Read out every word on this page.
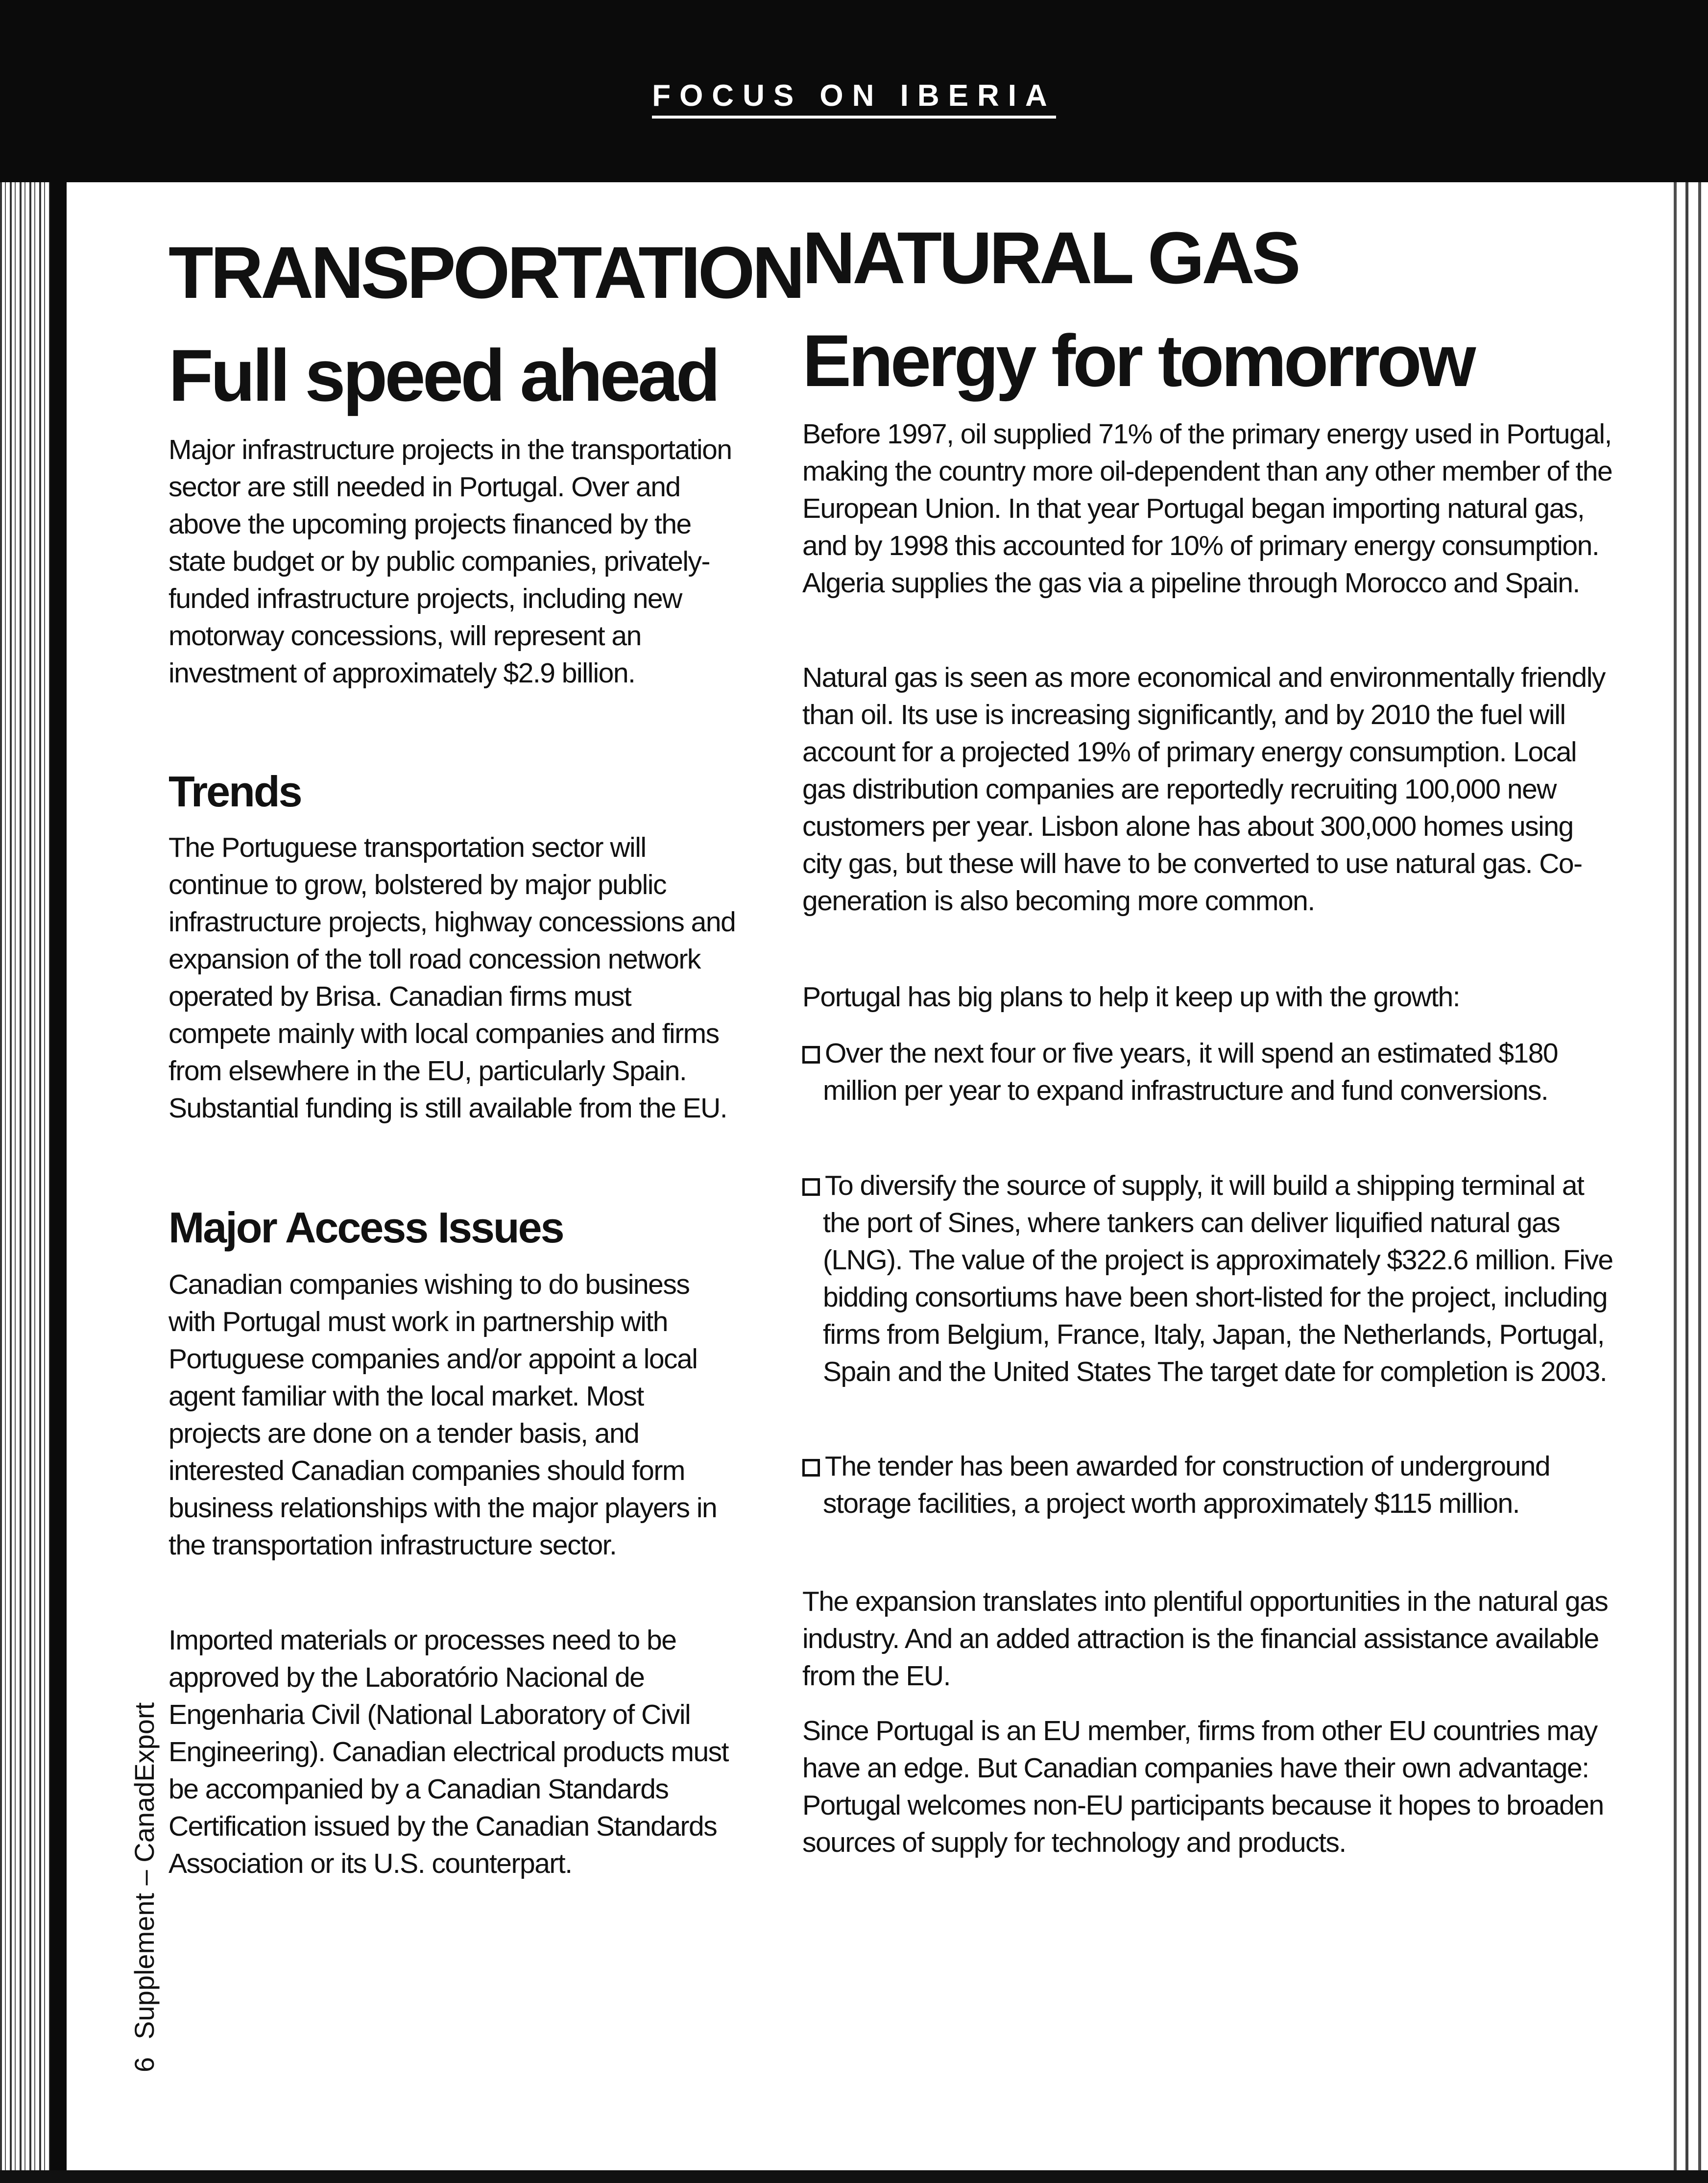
FOCUS ON IBERIA
TRANSPORTATION
Full speed ahead

Major infrastructure projects in the transportation sector are still needed in Portugal. Over and above the upcoming projects financed by the state budget or by public companies, privately-funded infrastructure projects, including new motorway concessions, will represent an investment of approximately $2.9 billion.

Trends

The Portuguese transportation sector will continue to grow, bolstered by major public infrastructure projects, highway concessions and expansion of the toll road concession network operated by Brisa. Canadian firms must compete mainly with local companies and firms from elsewhere in the EU, particularly Spain. Substantial funding is still available from the EU.

Major Access Issues

Canadian companies wishing to do business with Portugal must work in partnership with Portuguese companies and/or appoint a local agent familiar with the local market. Most projects are done on a tender basis, and interested Canadian companies should form business relationships with the major players in the transportation infrastructure sector.

Imported materials or processes need to be approved by the Laboratório Nacional de Engenharia Civil (National Laboratory of Civil Engineering). Canadian electrical products must be accompanied by a Canadian Standards Certification issued by the Canadian Standards Association or its U.S. counterpart.

NATURAL GAS
Energy for tomorrow

Before 1997, oil supplied 71% of the primary energy used in Portugal, making the country more oil-dependent than any other member of the European Union. In that year Portugal began importing natural gas, and by 1998 this accounted for 10% of primary energy consumption. Algeria supplies the gas via a pipeline through Morocco and Spain.

Natural gas is seen as more economical and environmentally friendly than oil. Its use is increasing significantly, and by 2010 the fuel will account for a projected 19% of primary energy consumption. Local gas distribution companies are reportedly recruiting 100,000 new customers per year. Lisbon alone has about 300,000 homes using city gas, but these will have to be converted to use natural gas. Co-generation is also becoming more common.

Portugal has big plans to help it keep up with the growth:

Over the next four or five years, it will spend an estimated $180 million per year to expand infrastructure and fund conversions.

To diversify the source of supply, it will build a shipping terminal at the port of Sines, where tankers can deliver liquified natural gas (LNG). The value of the project is approximately $322.6 million. Five bidding consortiums have been short-listed for the project, including firms from Belgium, France, Italy, Japan, the Netherlands, Portugal, Spain and the United States The target date for completion is 2003.

The tender has been awarded for construction of underground storage facilities, a project worth approximately $115 million.

The expansion translates into plentiful opportunities in the natural gas industry. And an added attraction is the financial assistance available from the EU.

Since Portugal is an EU member, firms from other EU countries may have an edge. But Canadian companies have their own advantage: Portugal welcomes non-EU participants because it hopes to broaden sources of supply for technology and products.

6Supplement – CanadExport
